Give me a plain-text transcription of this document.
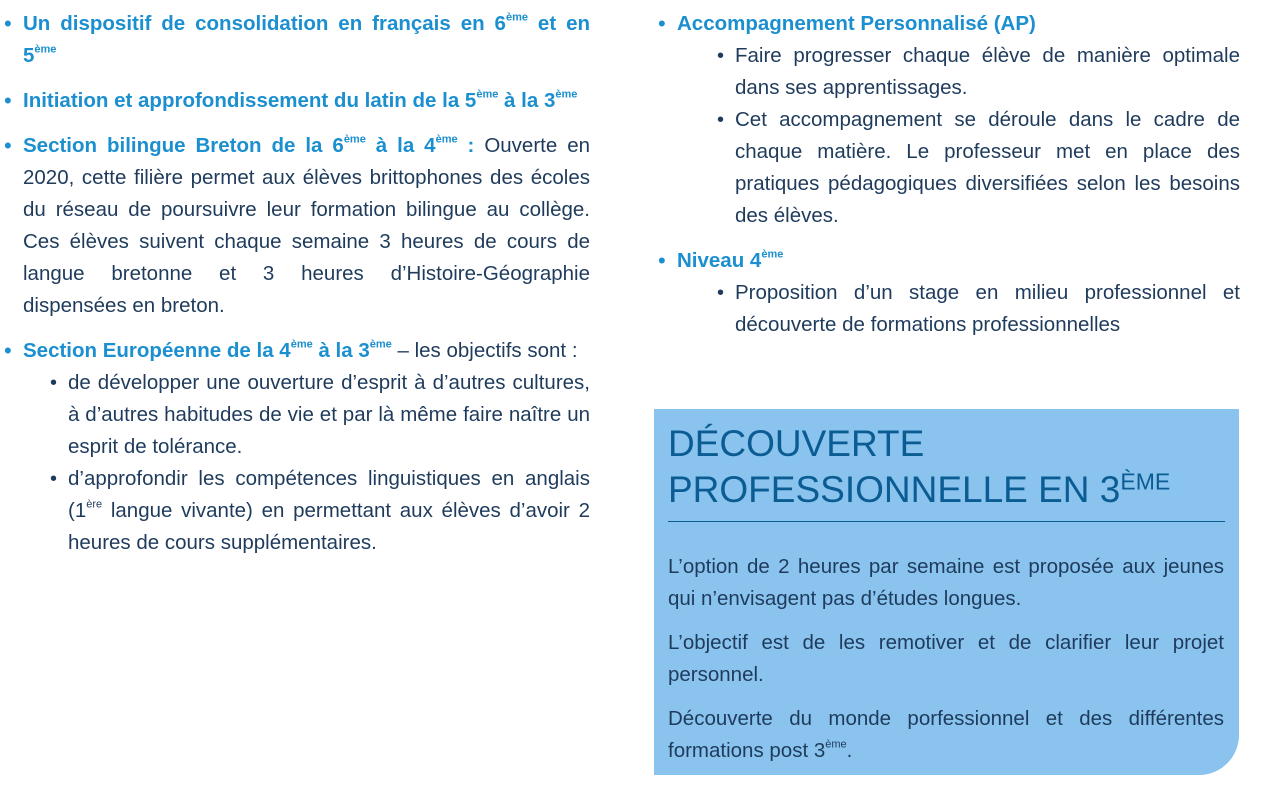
• Un dispositif de consolidation en français en 6ème et en 5ème
• Initiation et approfondissement du latin de la 5ème à la 3ème
• Section bilingue Breton de la 6ème à la 4ème : Ouverte en 2020, cette filière permet aux élèves brittophones des écoles du réseau de poursuivre leur formation bilingue au collège. Ces élèves suivent chaque semaine 3 heures de cours de langue bretonne et 3 heures d’Histoire-Géographie dispensées en breton.
• Section Européenne de la 4ème à la 3ème – les objectifs sont :
• de développer une ouverture d’esprit à d’autres cultures, à d’autres habitudes de vie et par là même faire naître un esprit de tolérance.
• d’approfondir les compétences linguistiques en anglais (1ère langue vivante) en permettant aux élèves d’avoir 2 heures de cours supplémentaires.
• Accompagnement Personnalisé (AP)
• Faire progresser chaque élève de manière optimale dans ses apprentissages.
• Cet accompagnement se déroule dans le cadre de chaque matière. Le professeur met en place des pratiques pédagogiques diversifiées selon les besoins des élèves.
• Niveau 4ème
• Proposition d’un stage en milieu professionnel et découverte de formations professionnelles
DÉCOUVERTE
PROFESSIONNELLE EN 3ÈME
L’option de 2 heures par semaine est proposée aux jeunes qui n’envisagent pas d’études longues.
L’objectif est de les remotiver et de clarifier leur projet personnel.
Découverte du monde porfessionnel et des différentes formations post 3ème.
